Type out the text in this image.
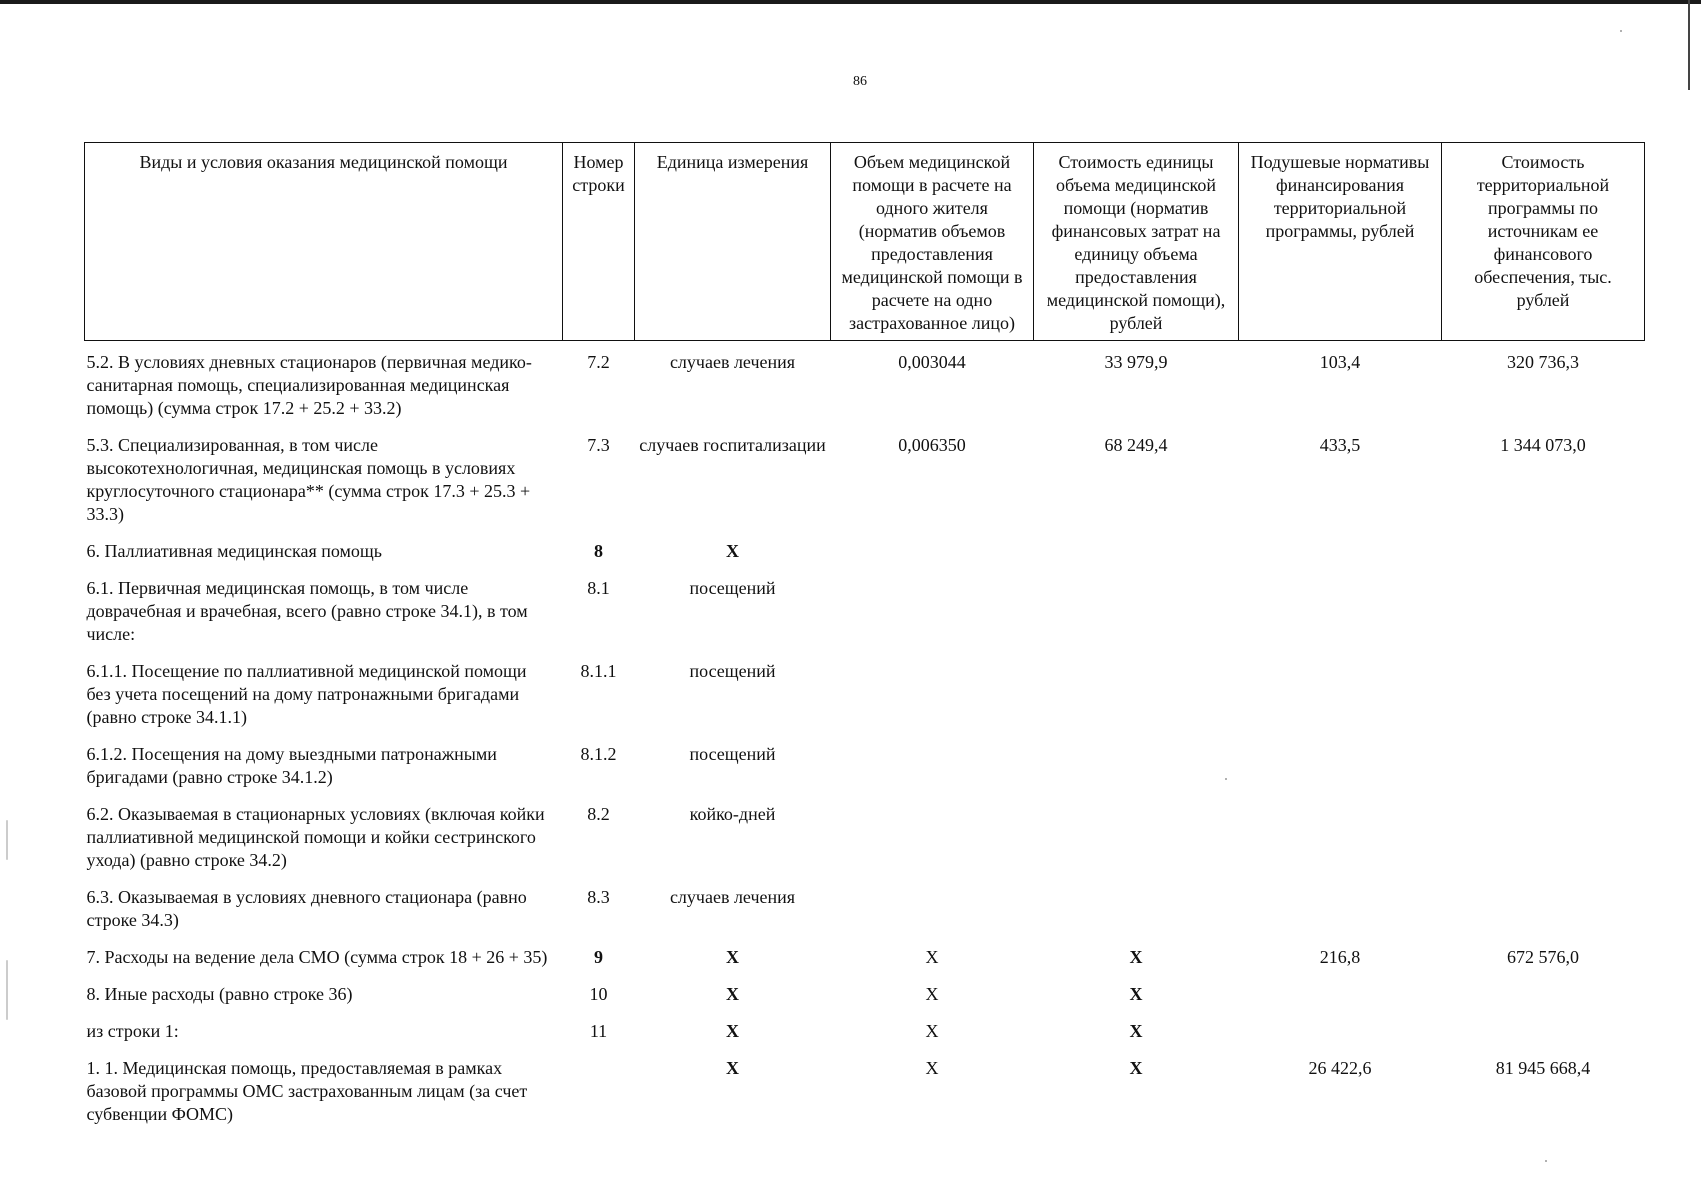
86
Виды и условия оказания медицинской помощи	Номер строки	Единица измерения	Объем медицинской помощи в расчете на одного жителя (норматив объемов предоставления медицинской помощи в расчете на одно застрахованное лицо)	Стоимость единицы объема медицинской помощи (норматив финансовых затрат на единицу объема предоставления медицинской помощи), рублей	Подушевые нормативы финансирования территориальной программы, рублей	Стоимость территориальной программы по источникам ее финансового обеспечения, тыс. рублей
5.2. В условиях дневных стационаров (первичная медико-санитарная помощь, специализированная медицинская помощь) (сумма строк 17.2 + 25.2 + 33.2)	7.2	случаев лечения	0,003044	33 979,9	103,4	320 736,3
5.3. Специализированная, в том числе высокотехнологичная, медицинская помощь в условиях круглосуточного стационара** (сумма строк 17.3 + 25.3 + 33.3)	7.3	случаев госпитализации	0,006350	68 249,4	433,5	1 344 073,0
6. Паллиативная медицинская помощь	8	X				
6.1. Первичная медицинская помощь, в том числе доврачебная и врачебная, всего (равно строке 34.1), в том числе:	8.1	посещений				
6.1.1. Посещение по паллиативной медицинской помощи без учета посещений на дому патронажными бригадами (равно строке 34.1.1)	8.1.1	посещений				
6.1.2. Посещения на дому выездными патронажными бригадами (равно строке 34.1.2)	8.1.2	посещений				
6.2. Оказываемая в стационарных условиях (включая койки паллиативной медицинской помощи и койки сестринского ухода) (равно строке 34.2)	8.2	койко-дней				
6.3. Оказываемая в условиях дневного стационара (равно строке 34.3)	8.3	случаев лечения				
7. Расходы на ведение дела СМО (сумма строк 18 + 26 + 35)	9	X	X	X	216,8	672 576,0
8. Иные расходы (равно строке 36)	10	X	X	X		
из строки 1:	11	X	X	X		
1. 1. Медицинская помощь, предоставляемая в рамках базовой программы ОМС застрахованным лицам (за счет субвенции ФОМС)		X	X	X	26 422,6	81 945 668,4
